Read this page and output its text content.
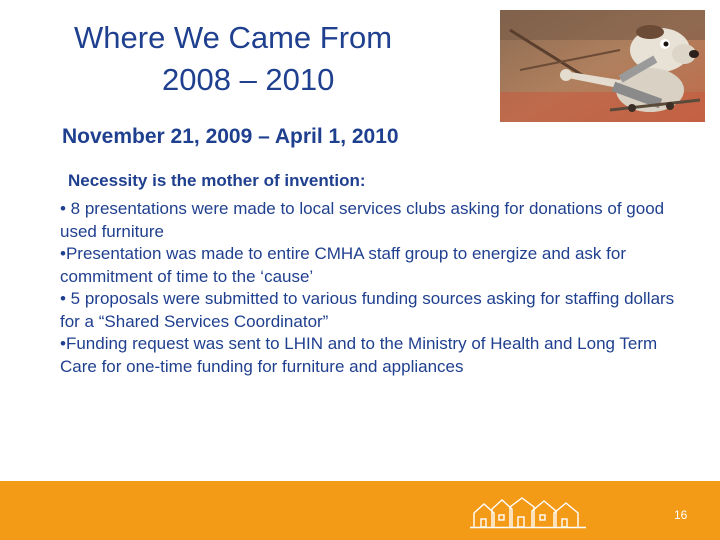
Where We Came From
2008 – 2010
November 21, 2009 – April 1, 2010
Necessity is the mother of invention:

• 8 presentations were made to local services clubs asking for donations of good used furniture

•Presentation was made to entire CMHA staff group to energize and ask for commitment of time to the ‘cause’

• 5 proposals were submitted to various funding sources asking for staffing dollars for a “Shared Services Coordinator”

•Funding request was sent to LHIN and to the Ministry of Health and Long Term Care for one-time funding for furniture and appliances

16
